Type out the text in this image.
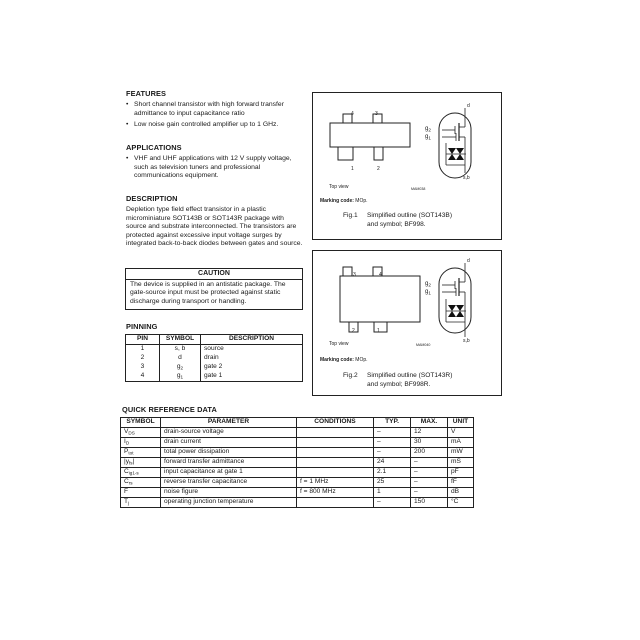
FEATURES
• Short channel transistor with high forward transfer admittance to input capacitance ratio
• Low noise gain controlled amplifier up to 1 GHz.
APPLICATIONS
• VHF and UHF applications with 12 V supply voltage, such as television tuners and professional communications equipment.
DESCRIPTION
Depletion type field effect transistor in a plastic microminiature SOT143B or SOT143R package with source and substrate interconnected. The transistors are protected against excessive input voltage surges by integrated back-to-back diodes between gates and source.
CAUTION
The device is supplied in an antistatic package. The gate-source input must be protected against static discharge during transport or handling.
PINNING
PIN	SYMBOL	DESCRIPTION
1	s, b	source
2	d	drain
3	$g_2$	gate 2
4	$g_1$	gate 1
4	3
1	2
d
$g_2$
$g_1$
s,b
Top view	MAM038
Marking code: MOp.
Fig.1 Simplified outline (SOT143B)
and symbol; BF998.
3	4
2	1
d
$g_2$
$g_1$
s,b
Top view	MAM040
Marking code: MOp.
Fig.2 Simplified outline (SOT143R)
and symbol; BF998R.
QUICK REFERENCE DATA
SYMBOL	PARAMETER	CONDITIONS	TYP.	MAX.	UNIT
$V_{DS}$	drain-source voltage		–	12	V
$I_D$	drain current		–	30	mA
$P_{tot}$	total power dissipation		–	200	mW
$|y_{fs}|$	forward transfer admittance		24	–	mS
$C_{ig1-s}$	input capacitance at gate 1		2.1	–	pF
$C_{rs}$	reverse transfer capacitance	f = 1 MHz	25	–	fF
F	noise figure	f = 800 MHz	1	–	dB
$T_j$	operating junction temperature		–	150	°C
